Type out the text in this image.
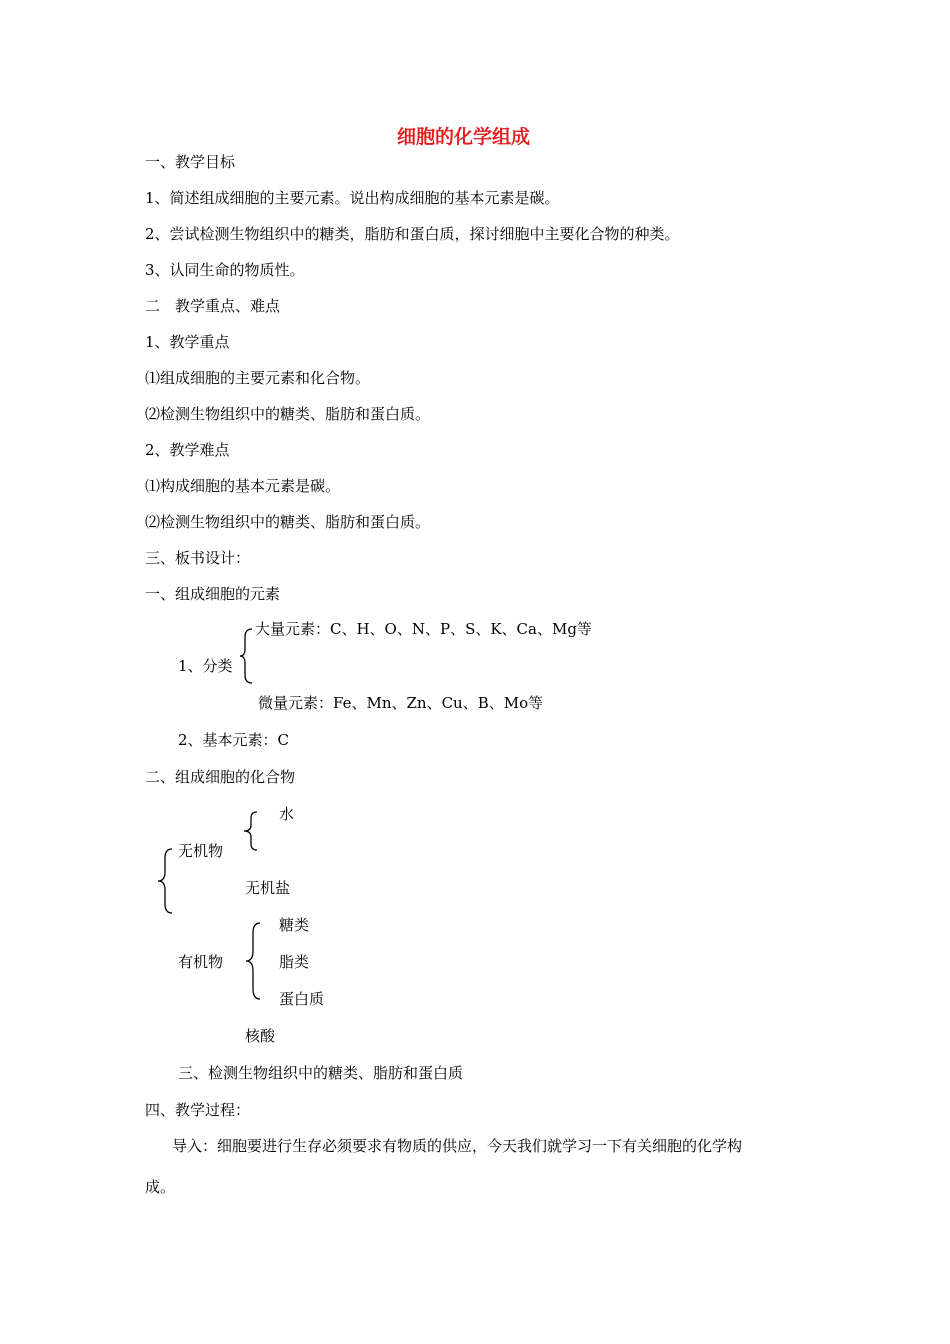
细胞的化学组成
一、教学目标
1、简述组成细胞的主要元素。说出构成细胞的基本元素是碳。
2、尝试检测生物组织中的糖类，脂肪和蛋白质，探讨细胞中主要化合物的种类。
3、认同生命的物质性。
二　教学重点、难点
1、教学重点
⑴组成细胞的主要元素和化合物。
⑵检测生物组织中的糖类、脂肪和蛋白质。
2、教学难点
⑴构成细胞的基本元素是碳。
⑵检测生物组织中的糖类、脂肪和蛋白质。
三、板书设计：
一、组成细胞的元素
大量元素：C、H、O、N、P、S、K、Ca、Mg等
1、分类
微量元素：Fe、Mn、Zn、Cu、B、Mo等
2、基本元素：C
二、组成细胞的化合物
水
无机物
无机盐
糖类
有机物	脂类
蛋白质
核酸
三、检测生物组织中的糖类、脂肪和蛋白质
四、教学过程：
导入：细胞要进行生存必须要求有物质的供应，今天我们就学习一下有关细胞的化学构
成。
